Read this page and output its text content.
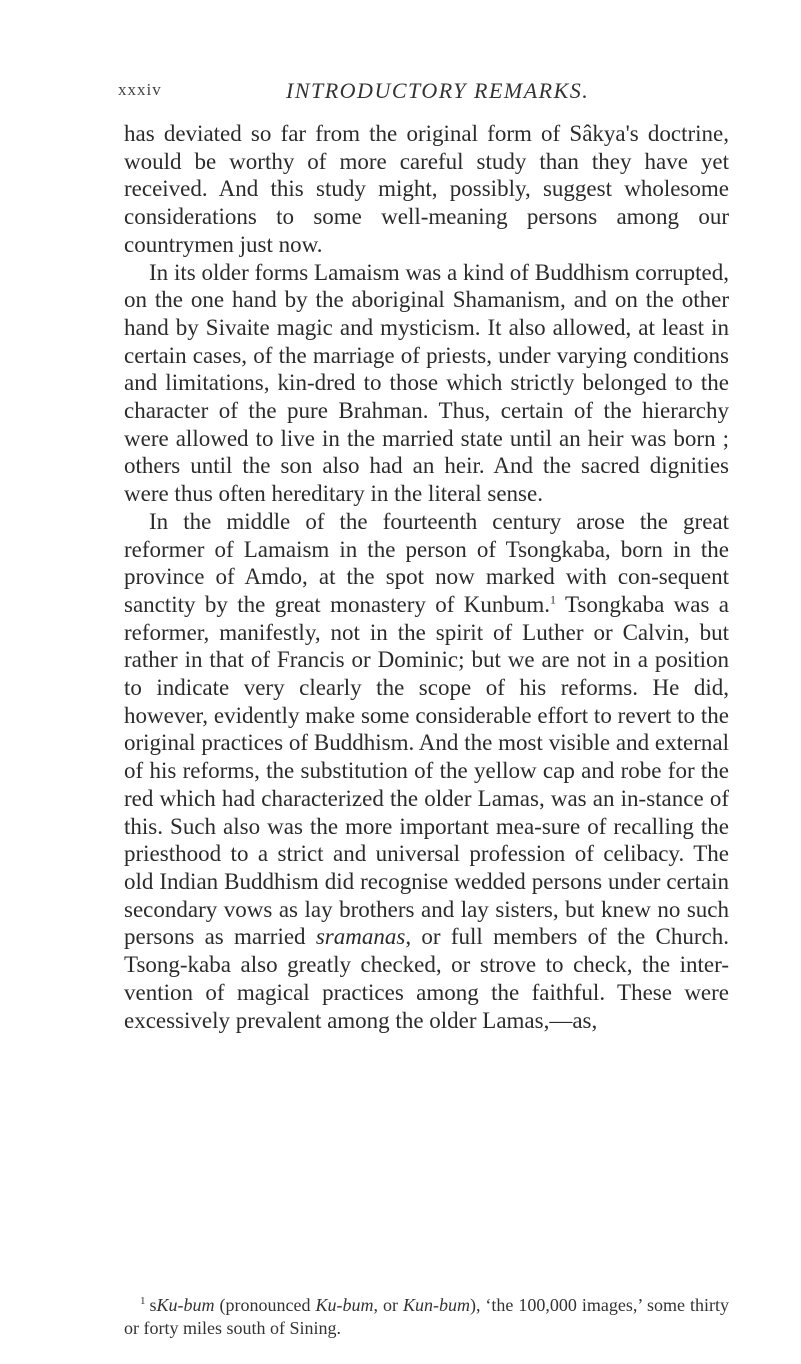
xxxiv	INTRODUCTORY REMARKS.

has deviated so far from the original form of Sâkya's doctrine, would be worthy of more careful study than they have yet received. And this study might, possibly, suggest wholesome considerations to some well-meaning persons among our countrymen just now.

In its older forms Lamaism was a kind of Buddhism corrupted, on the one hand by the aboriginal Shamanism, and on the other hand by Sivaite magic and mysticism. It also allowed, at least in certain cases, of the marriage of priests, under varying conditions and limitations, kin-dred to those which strictly belonged to the character of the pure Brahman. Thus, certain of the hierarchy were allowed to live in the married state until an heir was born ; others until the son also had an heir. And the sacred dignities were thus often hereditary in the literal sense.

In the middle of the fourteenth century arose the great reformer of Lamaism in the person of Tsongkaba, born in the province of Amdo, at the spot now marked with con-sequent sanctity by the great monastery of Kunbum.$^1$ Tsongkaba was a reformer, manifestly, not in the spirit of Luther or Calvin, but rather in that of Francis or Dominic; but we are not in a position to indicate very clearly the scope of his reforms. He did, however, evidently make some considerable effort to revert to the original practices of Buddhism. And the most visible and external of his reforms, the substitution of the yellow cap and robe for the red which had characterized the older Lamas, was an in-stance of this. Such also was the more important mea-sure of recalling the priesthood to a strict and universal profession of celibacy. The old Indian Buddhism did recognise wedded persons under certain secondary vows as lay brothers and lay sisters, but knew no such persons as married sramanas, or full members of the Church. Tsong-kaba also greatly checked, or strove to check, the inter-vention of magical practices among the faithful. These were excessively prevalent among the older Lamas,—as,

$^1$ sKu-bum (pronounced Ku-bum, or Kun-bum), ‘the 100,000 images,’ some thirty or forty miles south of Sining.
